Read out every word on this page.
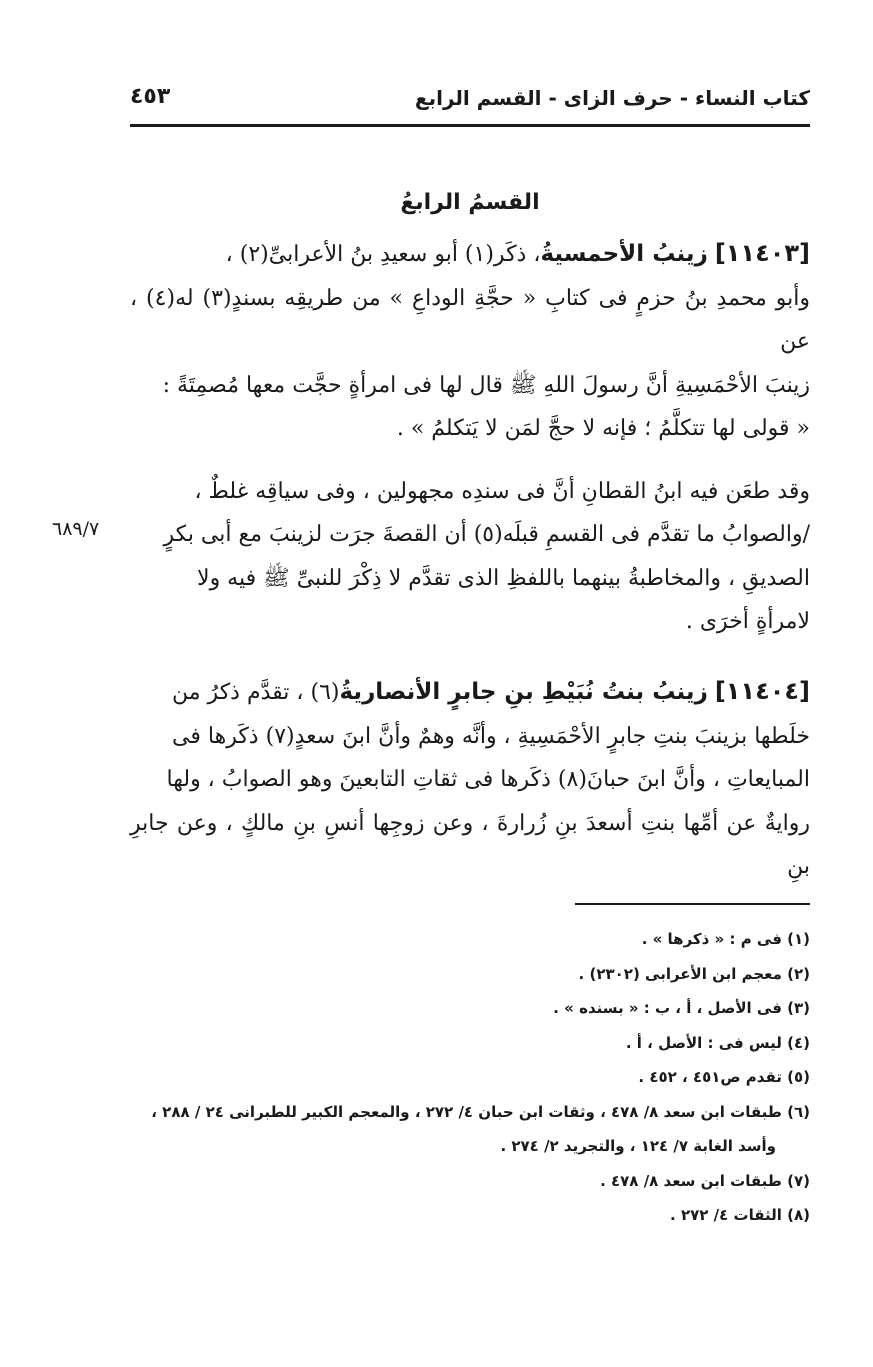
كتاب النساء - حرف الزاى - القسم الرابع
٤٥٣
القسمُ الرابعُ
٦٨٩/٧

[١١٤٠٣] زينبُ الأحمسيةُ، ذكَر(١) أبو سعيدِ بنُ الأعرابىِّ(٢) ،

وأبو محمدِ بنُ حزمٍ فى كتابِ « حجَّةِ الوداعِ » من طريقِه بسندٍ(٣) له(٤) ، عن

زينبَ الأحْمَسِيةِ أنَّ رسولَ اللهِ ﷺ قال لها فى امرأةٍ حجَّت معها مُصمِتَةً :

« قولى لها تتكلَّمُ ؛ فإنه لا حجَّ لمَن لا يَتكلمُ » .

وقد طعَن فيه ابنُ القطانِ أنَّ فى سندِه مجهولين ، وفى سياقِه غلطٌ ،

/والصوابُ ما تقدَّم فى القسمِ قبلَه(٥) أن القصةَ جرَت لزينبَ مع أبى بكرٍ

الصديقِ ، والمخاطبةُ بينهما باللفظِ الذى تقدَّم لا ذِكْرَ للنبىِّ ﷺ فيه ولا

لامرأةٍ أخرَى .

[١١٤٠٤] زينبُ بنتُ نُبَيْطِ بنِ جابرٍ الأنصاريةُ(٦) ، تقدَّم ذكرُ من

خلَطها بزينبَ بنتِ جابرٍ الأحْمَسِيةِ ، وأنَّه وهمٌ وأنَّ ابنَ سعدٍ(٧) ذكَرها فى

المبايعاتِ ، وأنَّ ابنَ حبانَ(٨) ذكَرها فى ثقاتِ التابعينَ وهو الصوابُ ، ولها

روايةٌ عن أمِّها بنتِ أسعدَ بنِ زُرارةَ ، وعن زوجِها أنسِ بنِ مالكٍ ، وعن جابرِ بنِ

(١) فى م : « ذكرها » .
(٢) معجم ابن الأعرابى (٢٣٠٢) .
(٣) فى الأصل ، أ ، ب : « بسنده » .
(٤) ليس فى : الأصل ، أ .
(٥) تقدم ص٤٥١ ، ٤٥٢ .
(٦) طبقات ابن سعد ٨/ ٤٧٨ ، وثقات ابن حبان ٤/ ٢٧٢ ، والمعجم الكبير للطبرانى ٢٤ / ٢٨٨ ،
وأسد الغابة ٧/ ١٢٤ ، والتجريد ٢/ ٢٧٤ .
(٧) طبقات ابن سعد ٨/ ٤٧٨ .
(٨) الثقات ٤/ ٢٧٢ .
